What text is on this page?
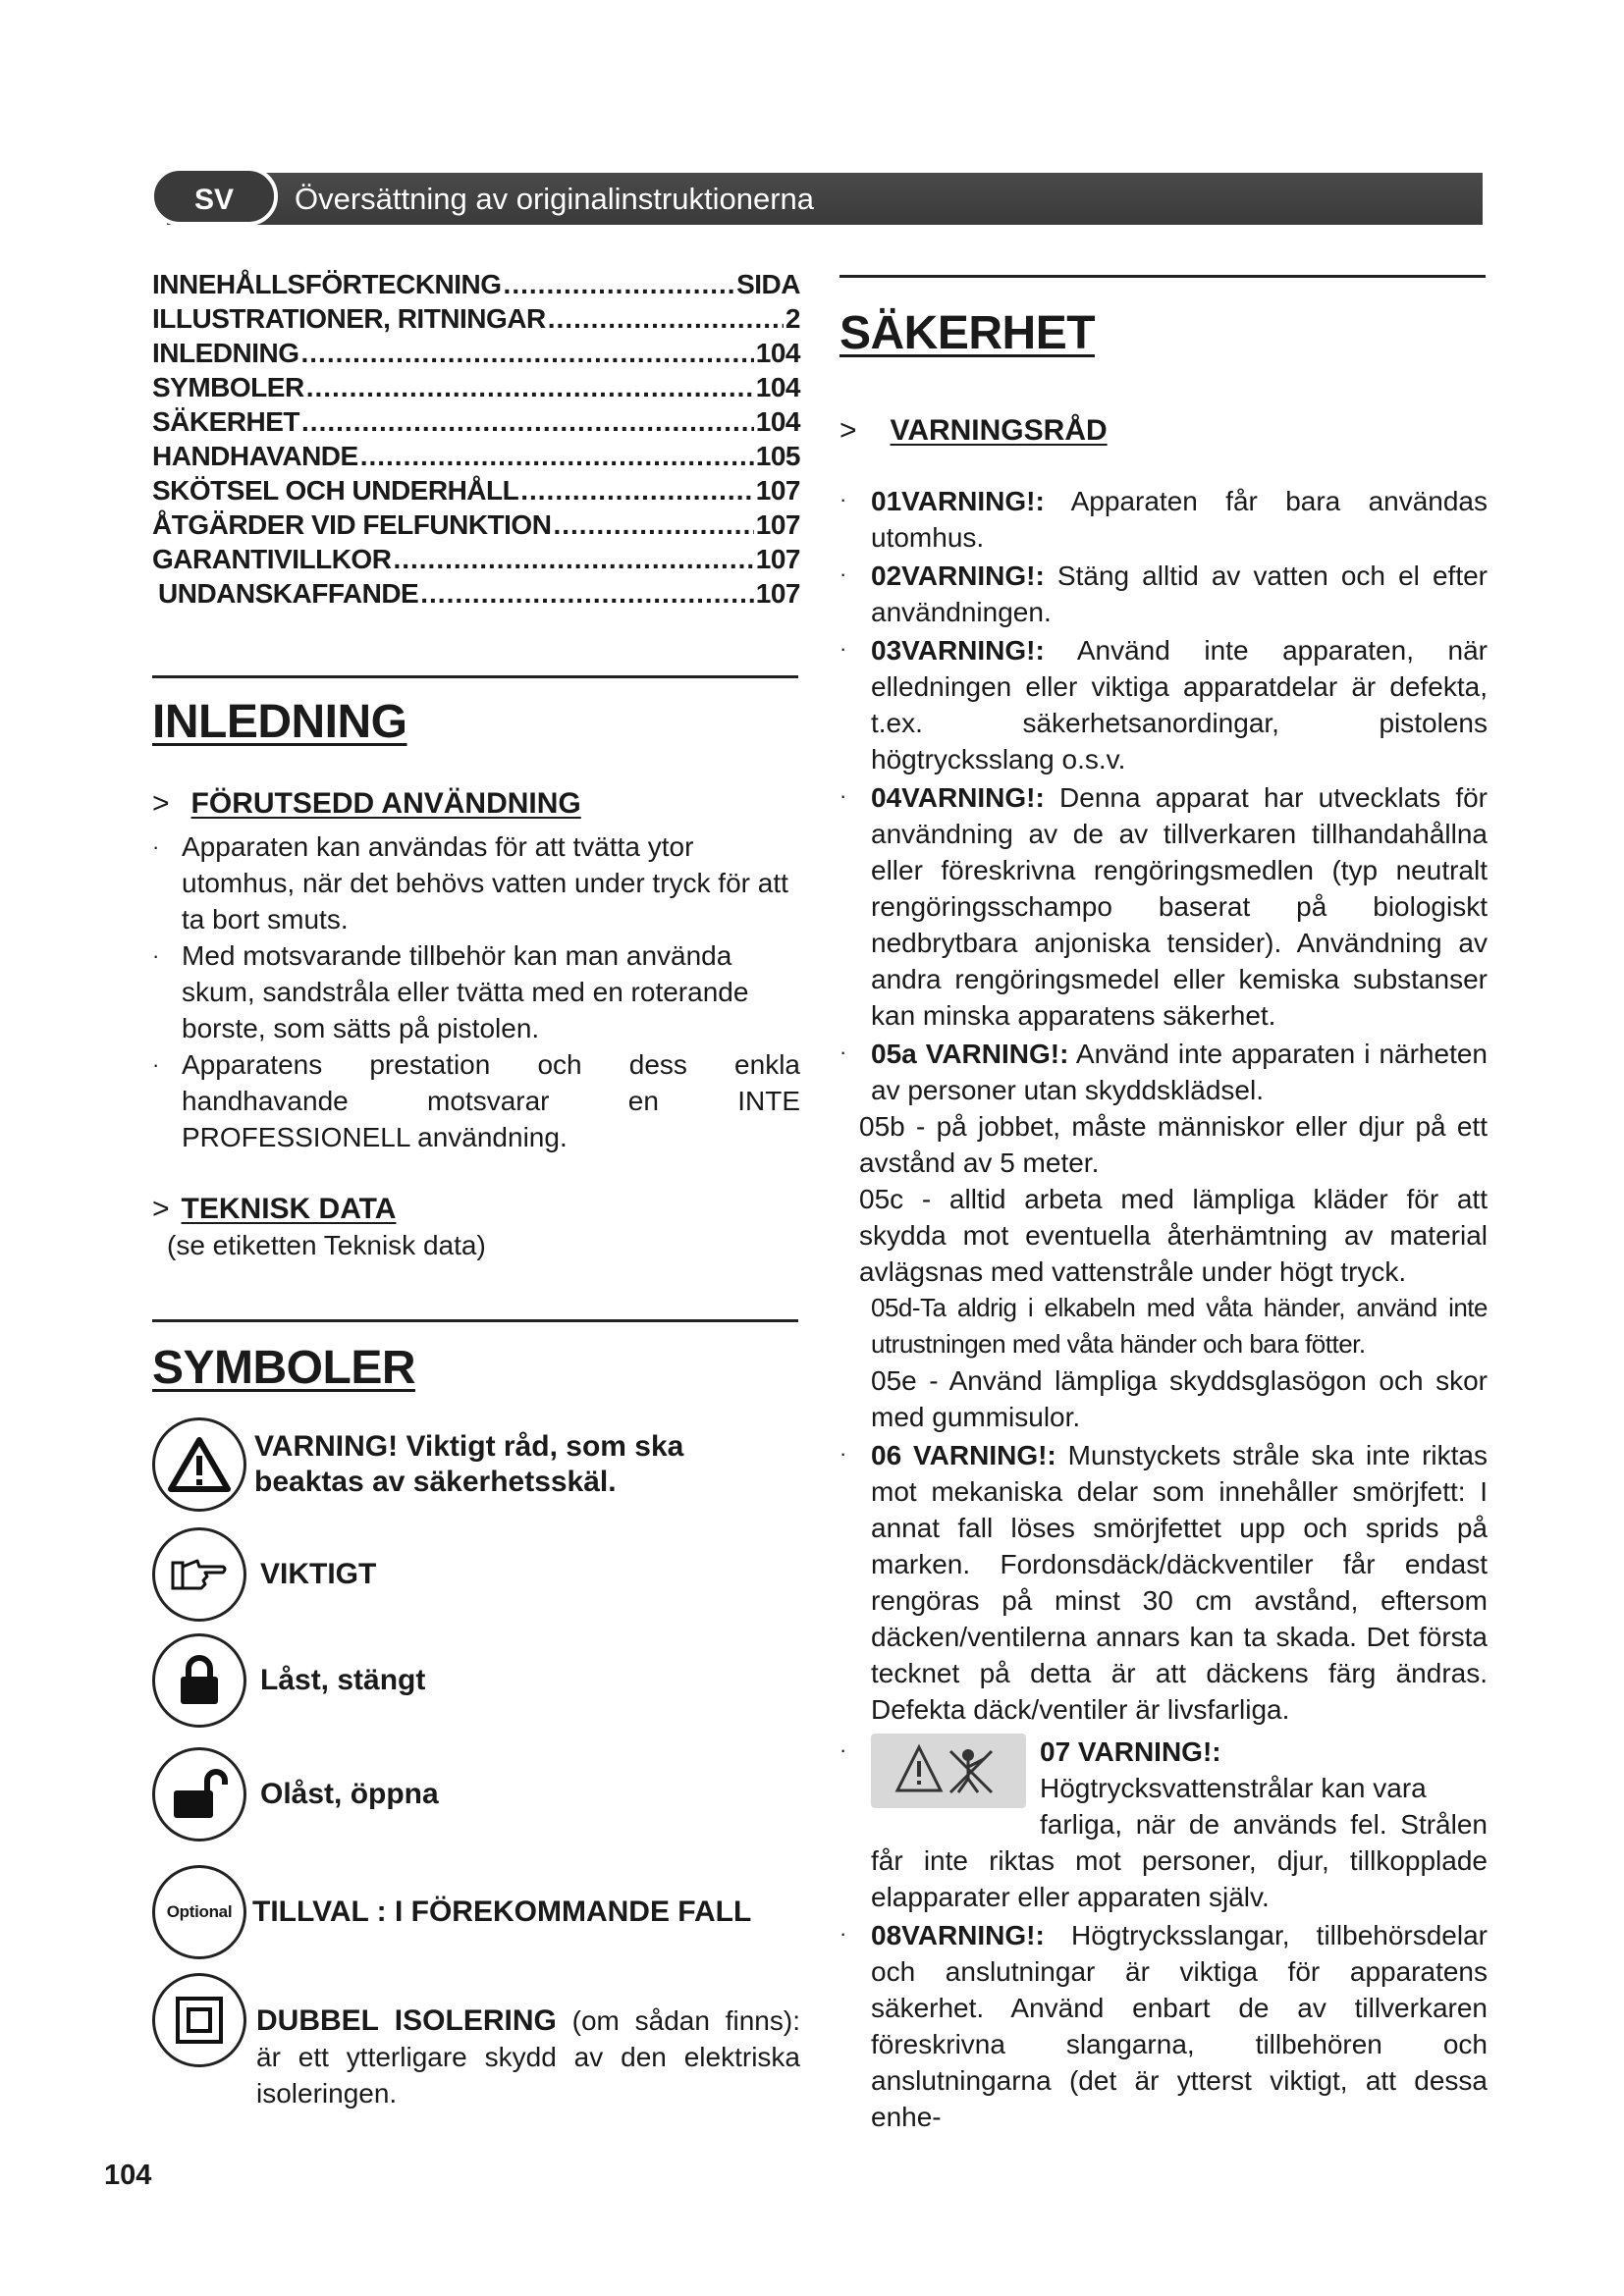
SV	Översättning av originalinstruktionerna
INNEHÅLLSFÖRTECKNING .....	SIDA
ILLUSTRATIONER, RITNINGAR .....	2
INLEDNING .....	104
SYMBOLER .....	104
SÄKERHET .....	104
HANDHAVANDE .....	105
SKÖTSEL OCH UNDERHÅLL .....	107
ÅTGÄRDER VID FELFUNKTION .....	107
GARANTIVILLKOR .....	107
UNDANSKAFFANDE .....	107
INLEDNING
> FÖRUTSEDD ANVÄNDNING
· Apparaten kan användas för att tvätta ytor utomhus, när det behövs vatten under tryck för att ta bort smuts.
· Med motsvarande tillbehör kan man använda skum, sandstråla eller tvätta med en roterande borste, som sätts på pistolen.
· Apparatens prestation och dess enkla handhavande motsvarar en INTE PROFESSIONELL användning.
> TEKNISK DATA
(se etiketten Teknisk data)
SYMBOLER
VARNING! Viktigt råd, som ska beaktas av säkerhetsskäl.
VIKTIGT
Låst, stängt
Olåst, öppna
Optional TILLVAL : I FÖREKOMMANDE FALL
DUBBEL ISOLERING (om sådan finns): är ett ytterligare skydd av den elektriska isoleringen.
SÄKERHET
> VARNINGSRÅD
· 01VARNING!: Apparaten får bara användas utomhus.
· 02VARNING!: Stäng alltid av vatten och el efter användningen.
· 03VARNING!: Använd inte apparaten, när elledningen eller viktiga apparatdelar är defekta, t.ex. säkerhetsanordingar, pistolens högtrycksslang o.s.v.
· 04VARNING!: Denna apparat har utvecklats för användning av de av tillverkaren tillhandahållna eller föreskrivna rengöringsmedlen (typ neutralt rengöringsschampo baserat på biologiskt nedbrytbara anjoniska tensider). Användning av andra rengöringsmedel eller kemiska substanser kan minska apparatens säkerhet.
· 05a VARNING!: Använd inte apparaten i närheten av personer utan skyddsklädsel.
05b - på jobbet, måste människor eller djur på ett avstånd av 5 meter.
05c - alltid arbeta med lämpliga kläder för att skydda mot eventuella återhämtning av material avlägsnas med vattenstråle under högt tryck.
05d-Ta aldrig i elkabeln med våta händer, använd inte utrustningen med våta händer och bara fötter.
05e - Använd lämpliga skyddsglasögon och skor med gummisulor.
· 06 VARNING!: Munstyckets stråle ska inte riktas mot mekaniska delar som innehåller smörjfett: I annat fall löses smörjfettet upp och sprids på marken. Fordonsdäck/däckventiler får endast rengöras på minst 30 cm avstånd, eftersom däcken/ventilerna annars kan ta skada. Det första tecknet på detta är att däckens färg ändras. Defekta däck/ventiler är livsfarliga.
·	07 VARNING!:
Högtrycksvattenstrålar kan vara
farliga, när de används fel. Strålen får inte riktas mot personer, djur, tillkopplade elapparater eller apparaten själv.
· 08VARNING!: Högtrycksslangar, tillbehörsdelar och anslutningar är viktiga för apparatens säkerhet. Använd enbart de av tillverkaren föreskrivna slangarna, tillbehören och anslutningarna (det är ytterst viktigt, att dessa enhe-
104
